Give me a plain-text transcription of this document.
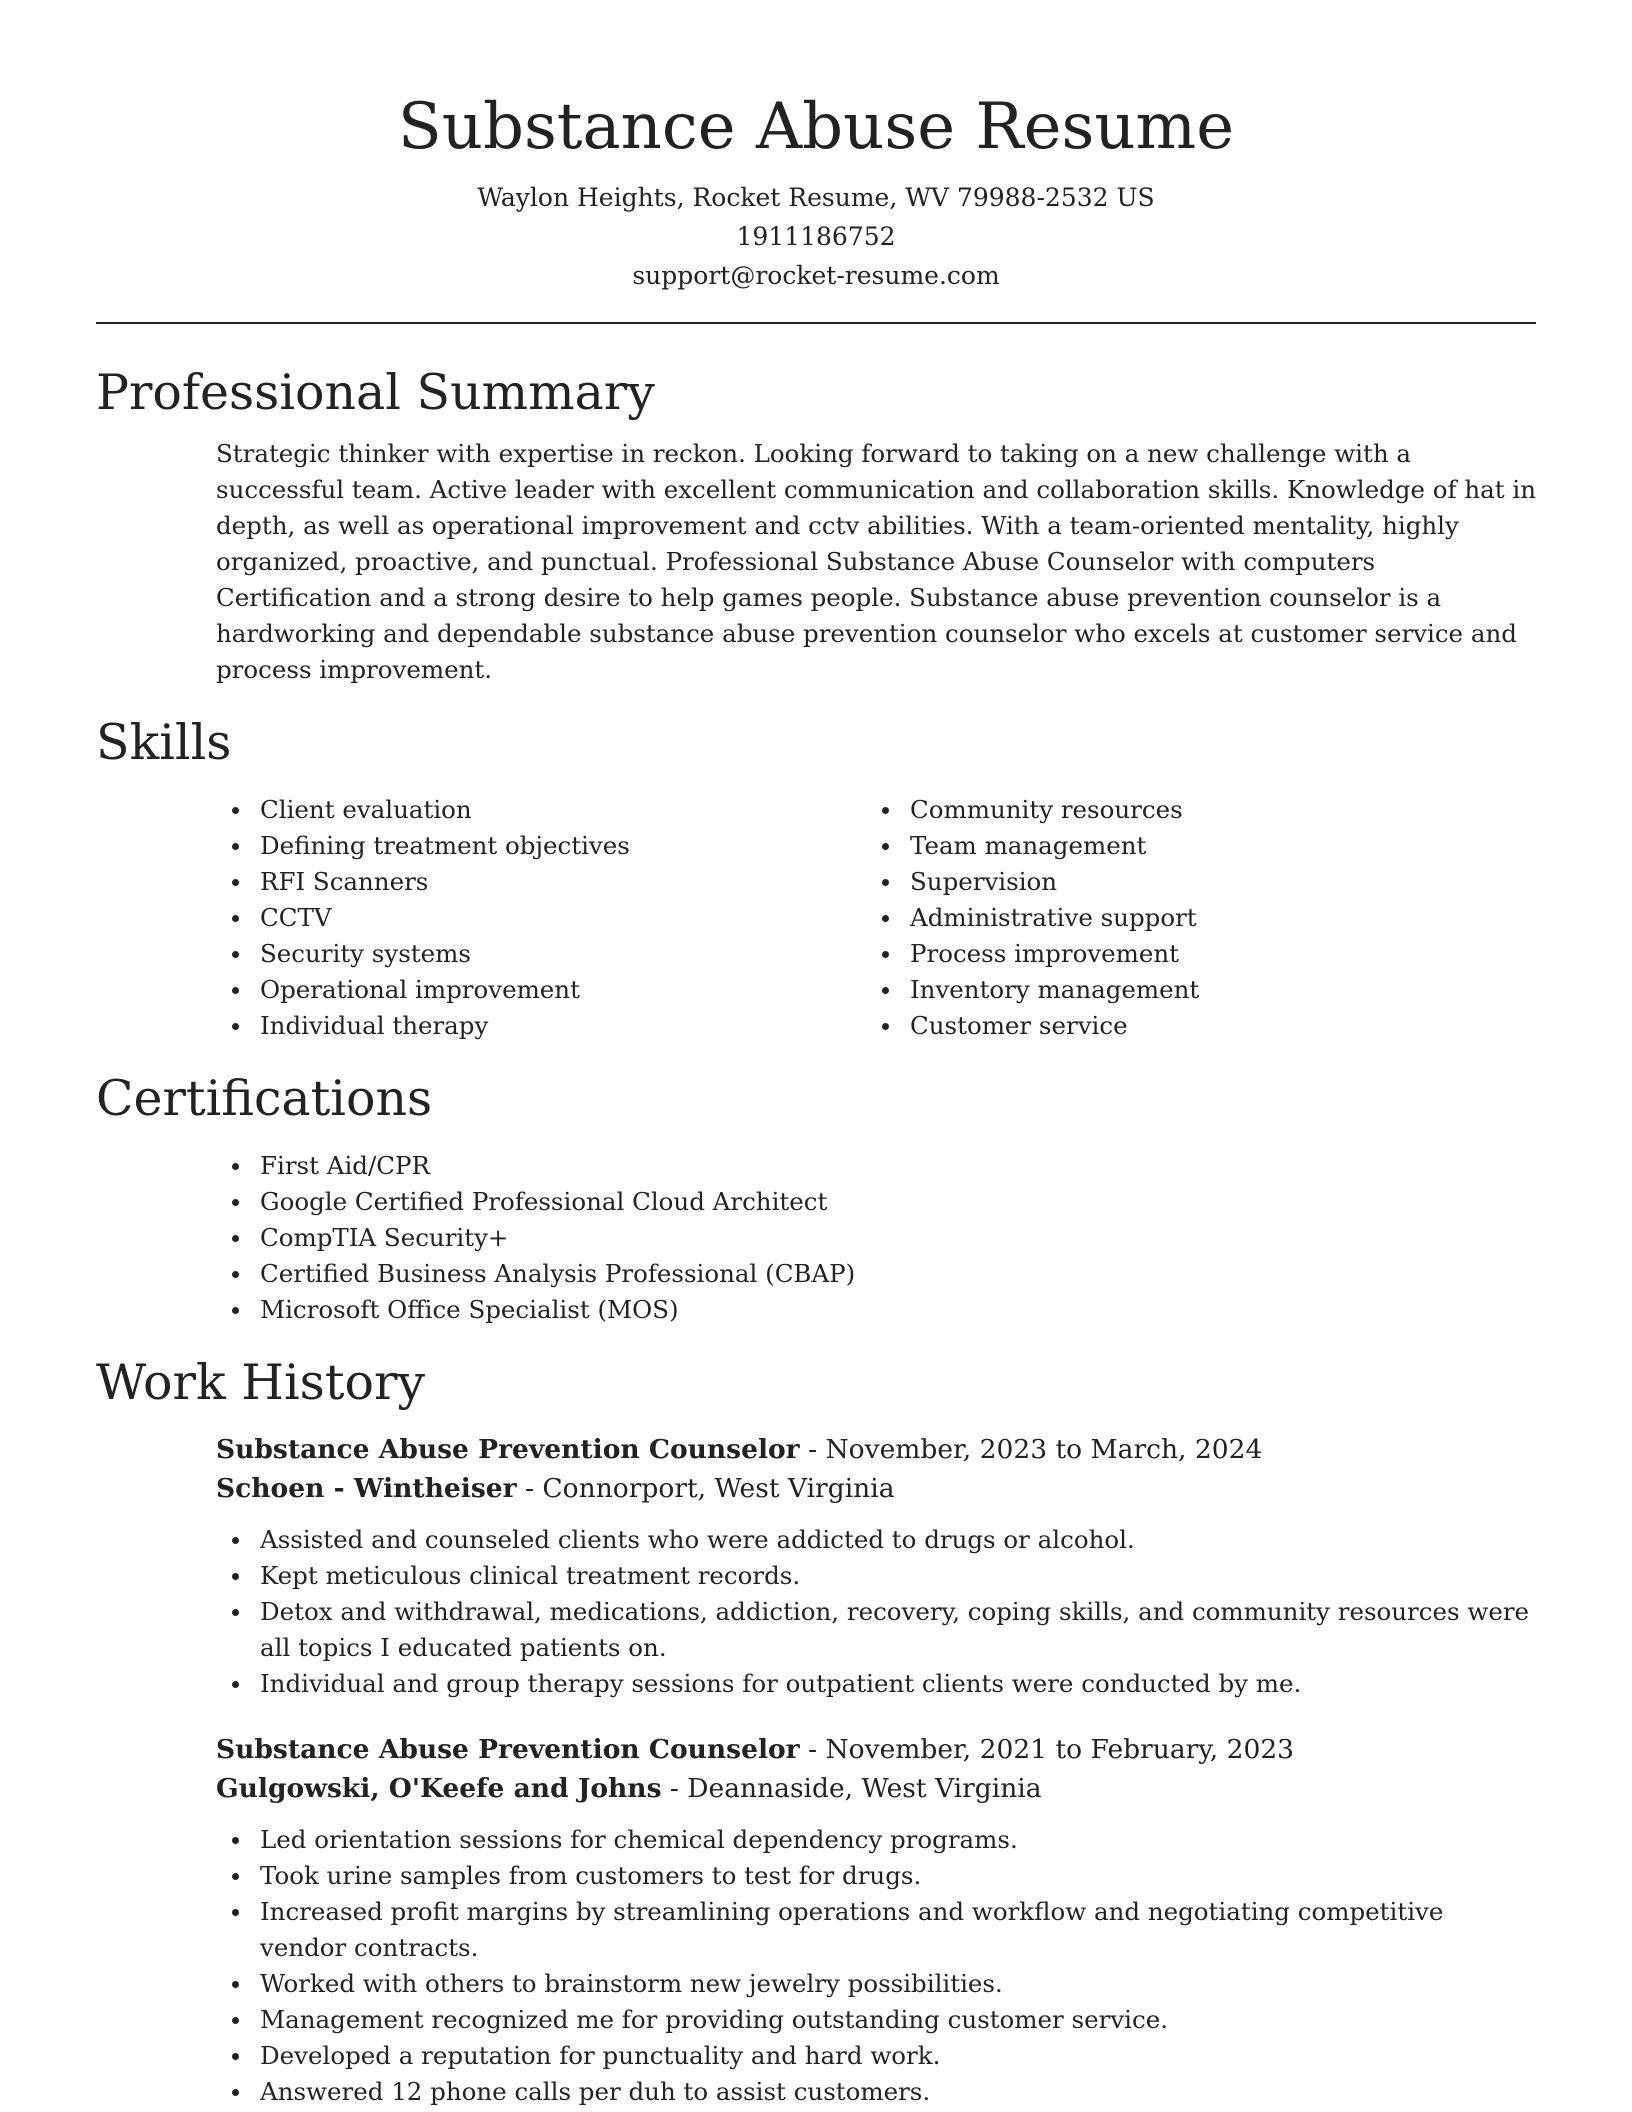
Substance Abuse Resume
Waylon Heights, Rocket Resume, WV 79988-2532 US
1911186752
support@rocket-resume.com
Professional Summary

Strategic thinker with expertise in reckon. Looking forward to taking on a new challenge with a successful team. Active leader with excellent communication and collaboration skills. Knowledge of hat in depth, as well as operational improvement and cctv abilities. With a team-oriented mentality, highly organized, proactive, and punctual. Professional Substance Abuse Counselor with computers Certification and a strong desire to help games people. Substance abuse prevention counselor is a hardworking and dependable substance abuse prevention counselor who excels at customer service and process improvement.

Skills
Client evaluation
Defining treatment objectives
RFI Scanners
CCTV
Security systems
Operational improvement
Individual therapy
Community resources
Team management
Supervision
Administrative support
Process improvement
Inventory management
Customer service
Certifications
First Aid/CPR
Google Certified Professional Cloud Architect
CompTIA Security+
Certified Business Analysis Professional (CBAP)
Microsoft Office Specialist (MOS)
Work History
Substance Abuse Prevention Counselor - November, 2023 to March, 2024
Schoen - Wintheiser - Connorport, West Virginia
Assisted and counseled clients who were addicted to drugs or alcohol.
Kept meticulous clinical treatment records.
Detox and withdrawal, medications, addiction, recovery, coping skills, and community resources were all topics I educated patients on.
Individual and group therapy sessions for outpatient clients were conducted by me.
Substance Abuse Prevention Counselor - November, 2021 to February, 2023
Gulgowski, O'Keefe and Johns - Deannaside, West Virginia
Led orientation sessions for chemical dependency programs.
Took urine samples from customers to test for drugs.
Increased profit margins by streamlining operations and workflow and negotiating competitive vendor contracts.
Worked with others to brainstorm new jewelry possibilities.
Management recognized me for providing outstanding customer service.
Developed a reputation for punctuality and hard work.
Answered 12 phone calls per duh to assist customers.
